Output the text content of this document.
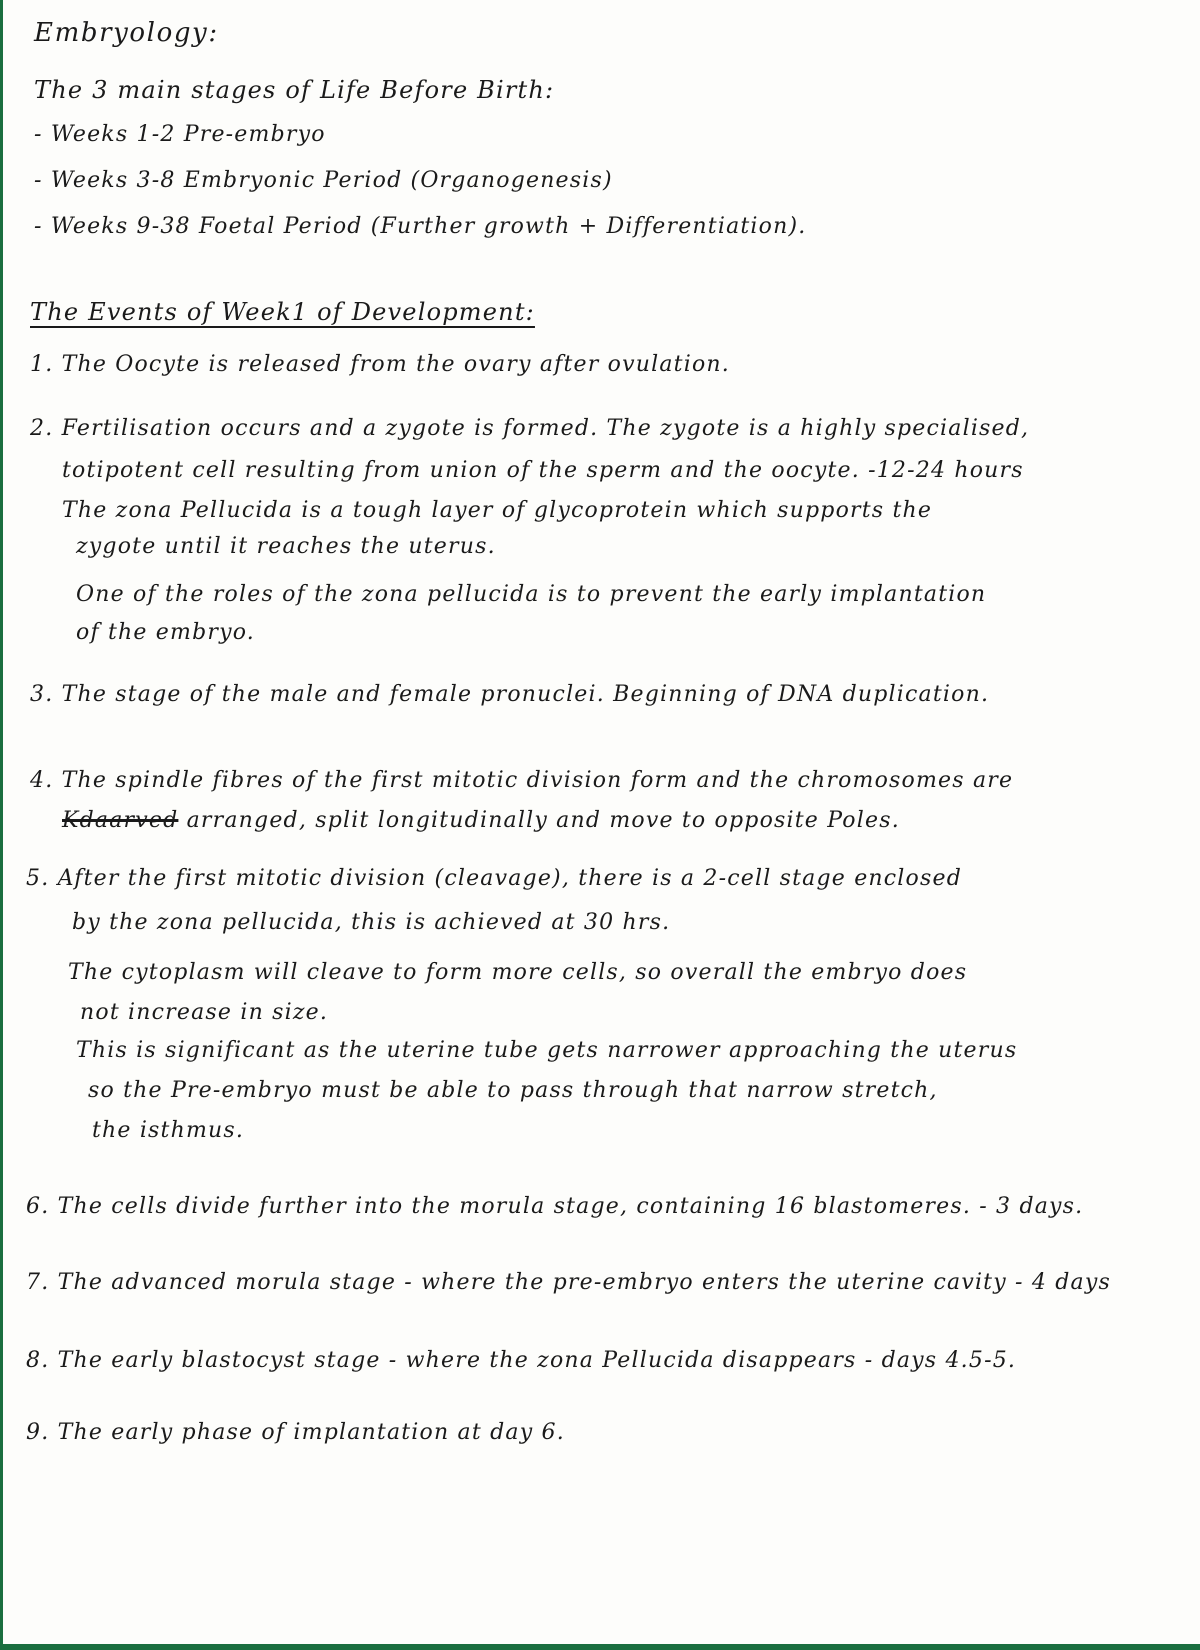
Embryology:
The 3 main stages of Life Before Birth:
- Weeks 1-2 Pre-embryo
- Weeks 3-8 Embryonic Period (Organogenesis)
- Weeks 9-38 Foetal Period (Further growth + Differentiation).
The Events of Week1 of Development:
1. The Oocyte is released from the ovary after ovulation.
2. Fertilisation occurs and a zygote is formed. The zygote is a highly specialised,
totipotent cell resulting from union of the sperm and the oocyte. -12-24 hours
The zona Pellucida is a tough layer of glycoprotein which supports the
zygote until it reaches the uterus.
One of the roles of the zona pellucida is to prevent the early implantation
of the embryo.
3. The stage of the male and female pronuclei. Beginning of DNA duplication.
4. The spindle fibres of the first mitotic division form and the chromosomes are
Kdaarved arranged, split longitudinally and move to opposite Poles.
5. After the first mitotic division (cleavage), there is a 2-cell stage enclosed
by the zona pellucida, this is achieved at 30 hrs.
The cytoplasm will cleave to form more cells, so overall the embryo does
not increase in size.
This is significant as the uterine tube gets narrower approaching the uterus
so the Pre-embryo must be able to pass through that narrow stretch,
the isthmus.
6. The cells divide further into the morula stage, containing 16 blastomeres. - 3 days.
7. The advanced morula stage - where the pre-embryo enters the uterine cavity - 4 days
8. The early blastocyst stage - where the zona Pellucida disappears - days 4.5-5.
9. The early phase of implantation at day 6.
